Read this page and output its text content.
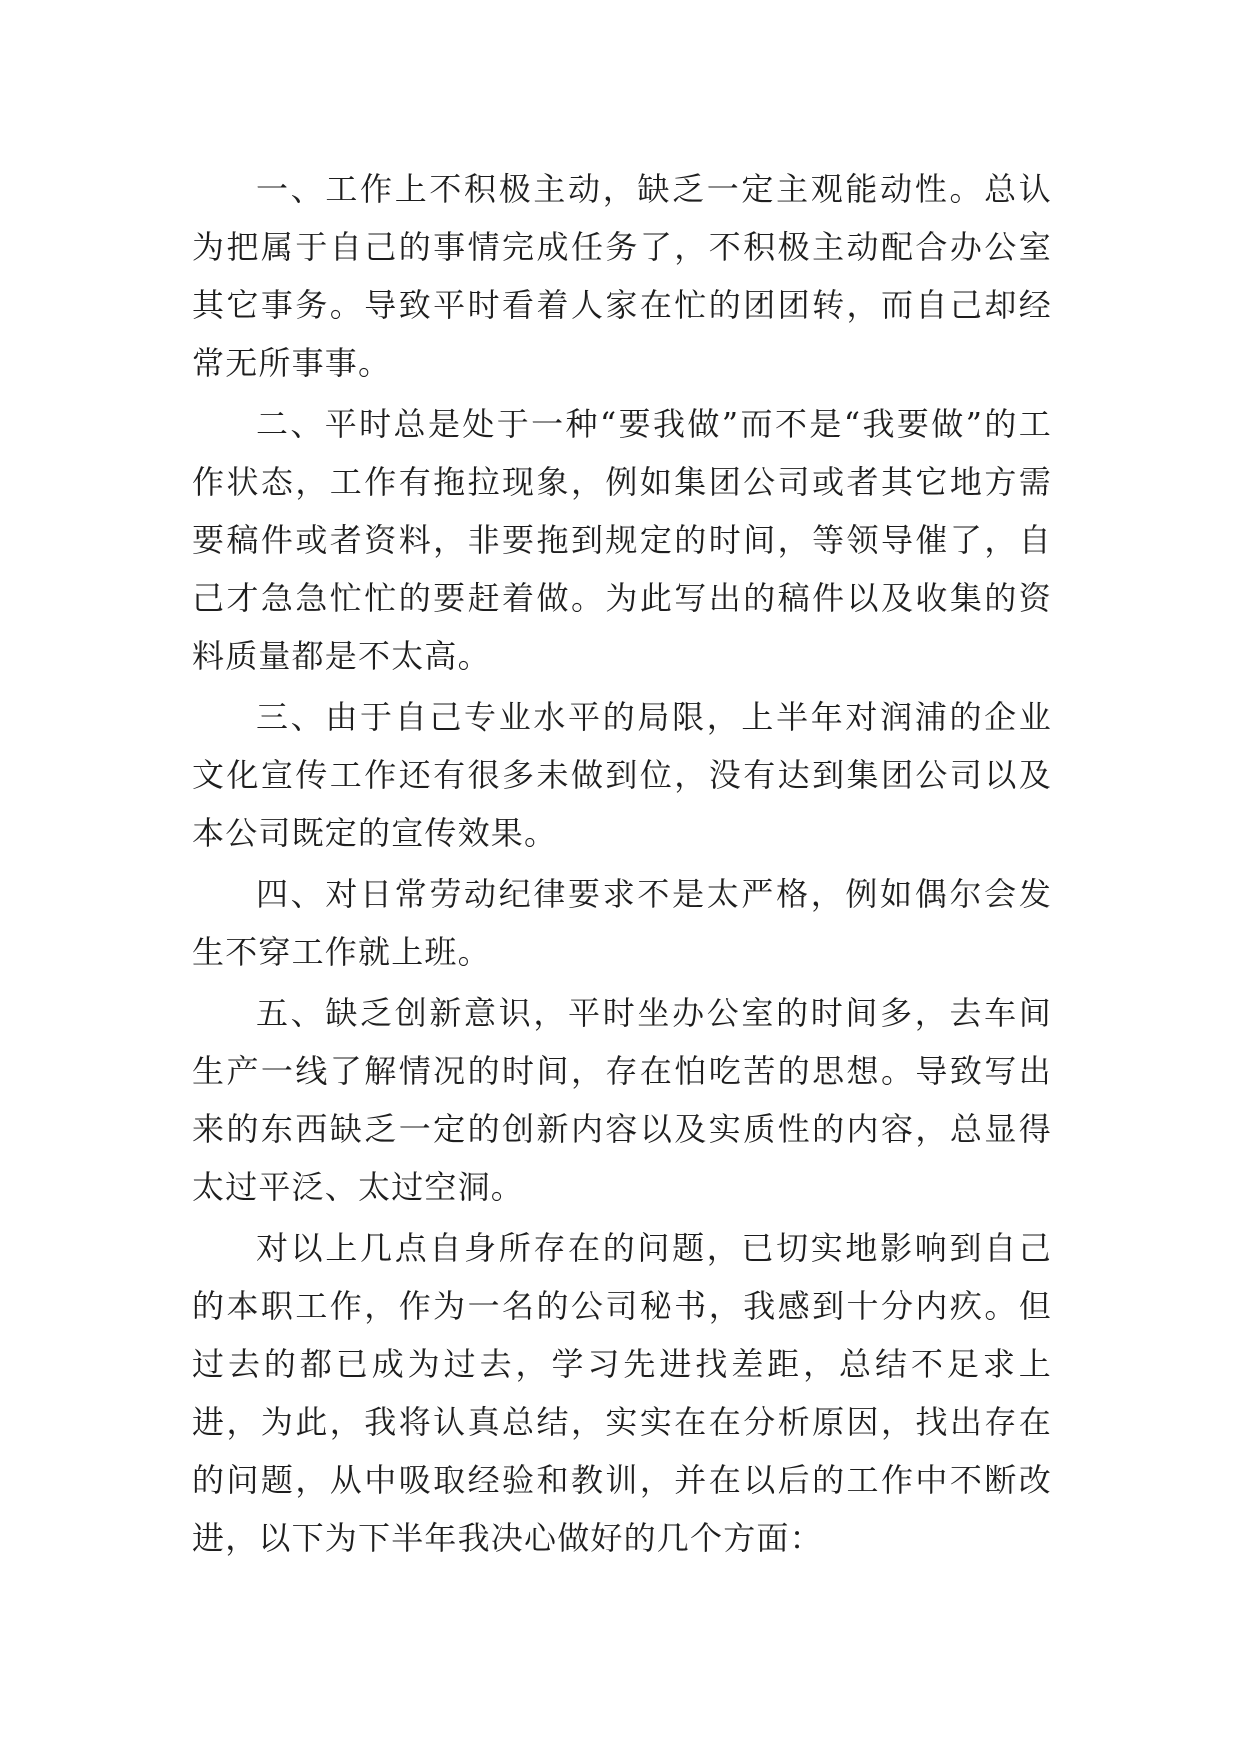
一、工作上不积极主动，缺乏一定主观能动性。总认为把属于自己的事情完成任务了，不积极主动配合办公室其它事务。导致平时看着人家在忙的团团转，而自己却经常无所事事。

二、平时总是处于一种“要我做”而不是“我要做”的工作状态，工作有拖拉现象，例如集团公司或者其它地方需要稿件或者资料，非要拖到规定的时间，等领导催了，自己才急急忙忙的要赶着做。为此写出的稿件以及收集的资料质量都是不太高。

三、由于自己专业水平的局限，上半年对润浦的企业文化宣传工作还有很多未做到位，没有达到集团公司以及本公司既定的宣传效果。

四、对日常劳动纪律要求不是太严格，例如偶尔会发生不穿工作就上班。

五、缺乏创新意识，平时坐办公室的时间多，去车间生产一线了解情况的时间，存在怕吃苦的思想。导致写出来的东西缺乏一定的创新内容以及实质性的内容，总显得太过平泛、太过空洞。

对以上几点自身所存在的问题，已切实地影响到自己的本职工作，作为一名的公司秘书，我感到十分内疚。但过去的都已成为过去，学习先进找差距，总结不足求上进，为此，我将认真总结，实实在在分析原因，找出存在的问题，从中吸取经验和教训，并在以后的工作中不断改进，以下为下半年我决心做好的几个方面：
